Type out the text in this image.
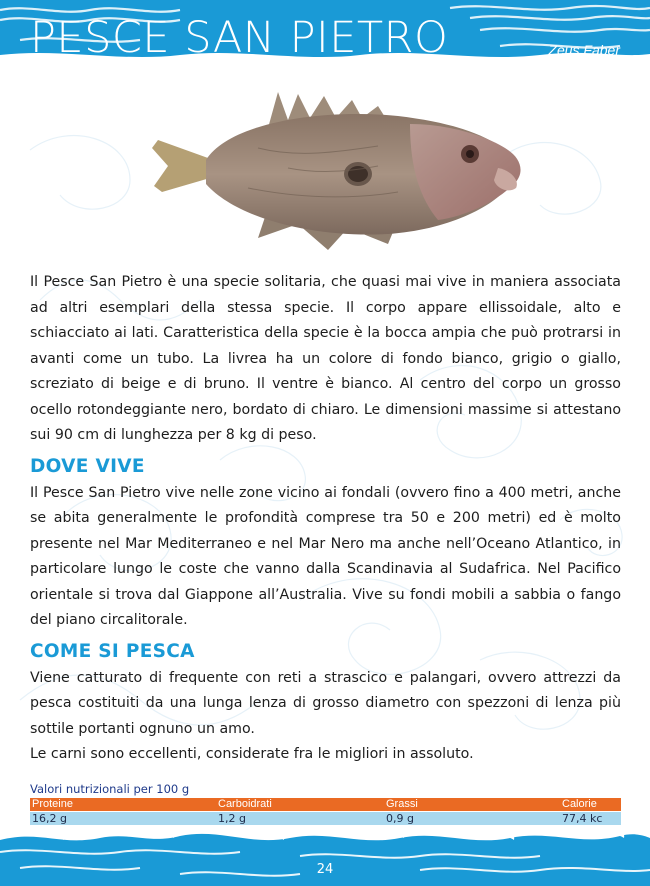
PESCE SAN PIETRO	Zeus Faber

Il Pesce San Pietro è una specie solitaria, che quasi mai vive in maniera associata ad altri esemplari della stessa specie. Il corpo appare ellissoidale, alto e schiacciato ai lati. Caratteristica della specie è la bocca ampia che può protrarsi in avanti come un tubo. La livrea ha un colore di fondo bianco, grigio o giallo, screziato di beige e di bruno. Il ventre è bianco. Al centro del corpo un grosso ocello rotondeggiante nero, bordato di chiaro. Le dimensioni massime si attestano sui 90 cm di lunghezza per 8 kg di peso.

DOVE VIVE

Il Pesce San Pietro vive nelle zone vicino ai fondali (ovvero fino a 400 metri, anche se abita generalmente le profondità comprese tra 50 e 200 metri) ed è molto presente nel Mar Mediterraneo e nel Mar Nero ma anche nell’Oceano Atlantico, in particolare lungo le coste che vanno dalla Scandinavia al Sudafrica. Nel Pacifico orientale si trova dal Giappone all’Australia. Vive su fondi mobili a sabbia o fango del piano circalitorale.

COME SI PESCA

Viene catturato di frequente con reti a strascico e palangari, ovvero attrezzi da pesca costituiti da una lunga lenza di grosso diametro con spezzoni di lenza più sottile portanti ognuno un amo.

Le carni sono eccellenti, considerate fra le migliori in assoluto.

Valori nutrizionali per 100 g
Proteine	Carboidrati	Grassi	Calorie
16,2 g	1,2 g	0,9 g	77,4 kc
24
